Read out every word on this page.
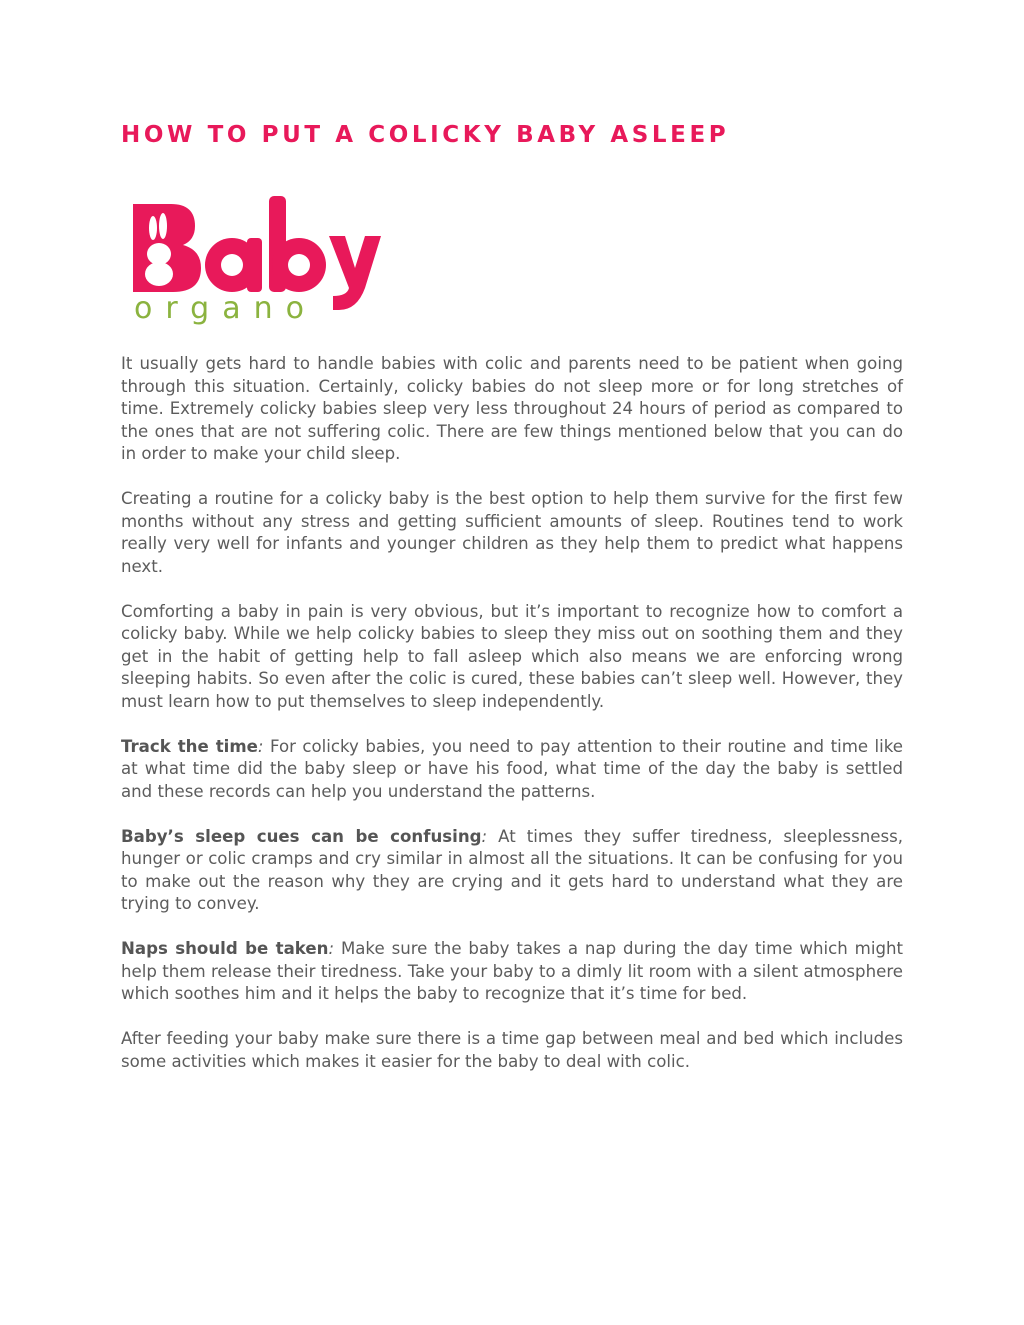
HOW TO PUT A COLICKY BABY ASLEEP
organo

It usually gets hard to handle babies with colic and parents need to be patient when going through this situation. Certainly, colicky babies do not sleep more or for long stretches of time. Extremely colicky babies sleep very less throughout 24 hours of period as compared to the ones that are not suffering colic. There are few things mentioned below that you can do in order to make your child sleep.

Creating a routine for a colicky baby is the best option to help them survive for the first few months without any stress and getting sufficient amounts of sleep. Routines tend to work really very well for infants and younger children as they help them to predict what happens next.

Comforting a baby in pain is very obvious, but it’s important to recognize how to comfort a colicky baby. While we help colicky babies to sleep they miss out on soothing them and they get in the habit of getting help to fall asleep which also means we are enforcing wrong sleeping habits. So even after the colic is cured, these babies can’t sleep well. However, they must learn how to put themselves to sleep independently.

Track the time: For colicky babies, you need to pay attention to their routine and time like at what time did the baby sleep or have his food, what time of the day the baby is settled and these records can help you understand the patterns.

Baby’s sleep cues can be confusing: At times they suffer tiredness, sleeplessness, hunger or colic cramps and cry similar in almost all the situations. It can be confusing for you to make out the reason why they are crying and it gets hard to understand what they are trying to convey.

Naps should be taken: Make sure the baby takes a nap during the day time which might help them release their tiredness. Take your baby to a dimly lit room with a silent atmosphere which soothes him and it helps the baby to recognize that it’s time for bed.

After feeding your baby make sure there is a time gap between meal and bed which includes some activities which makes it easier for the baby to deal with colic.
